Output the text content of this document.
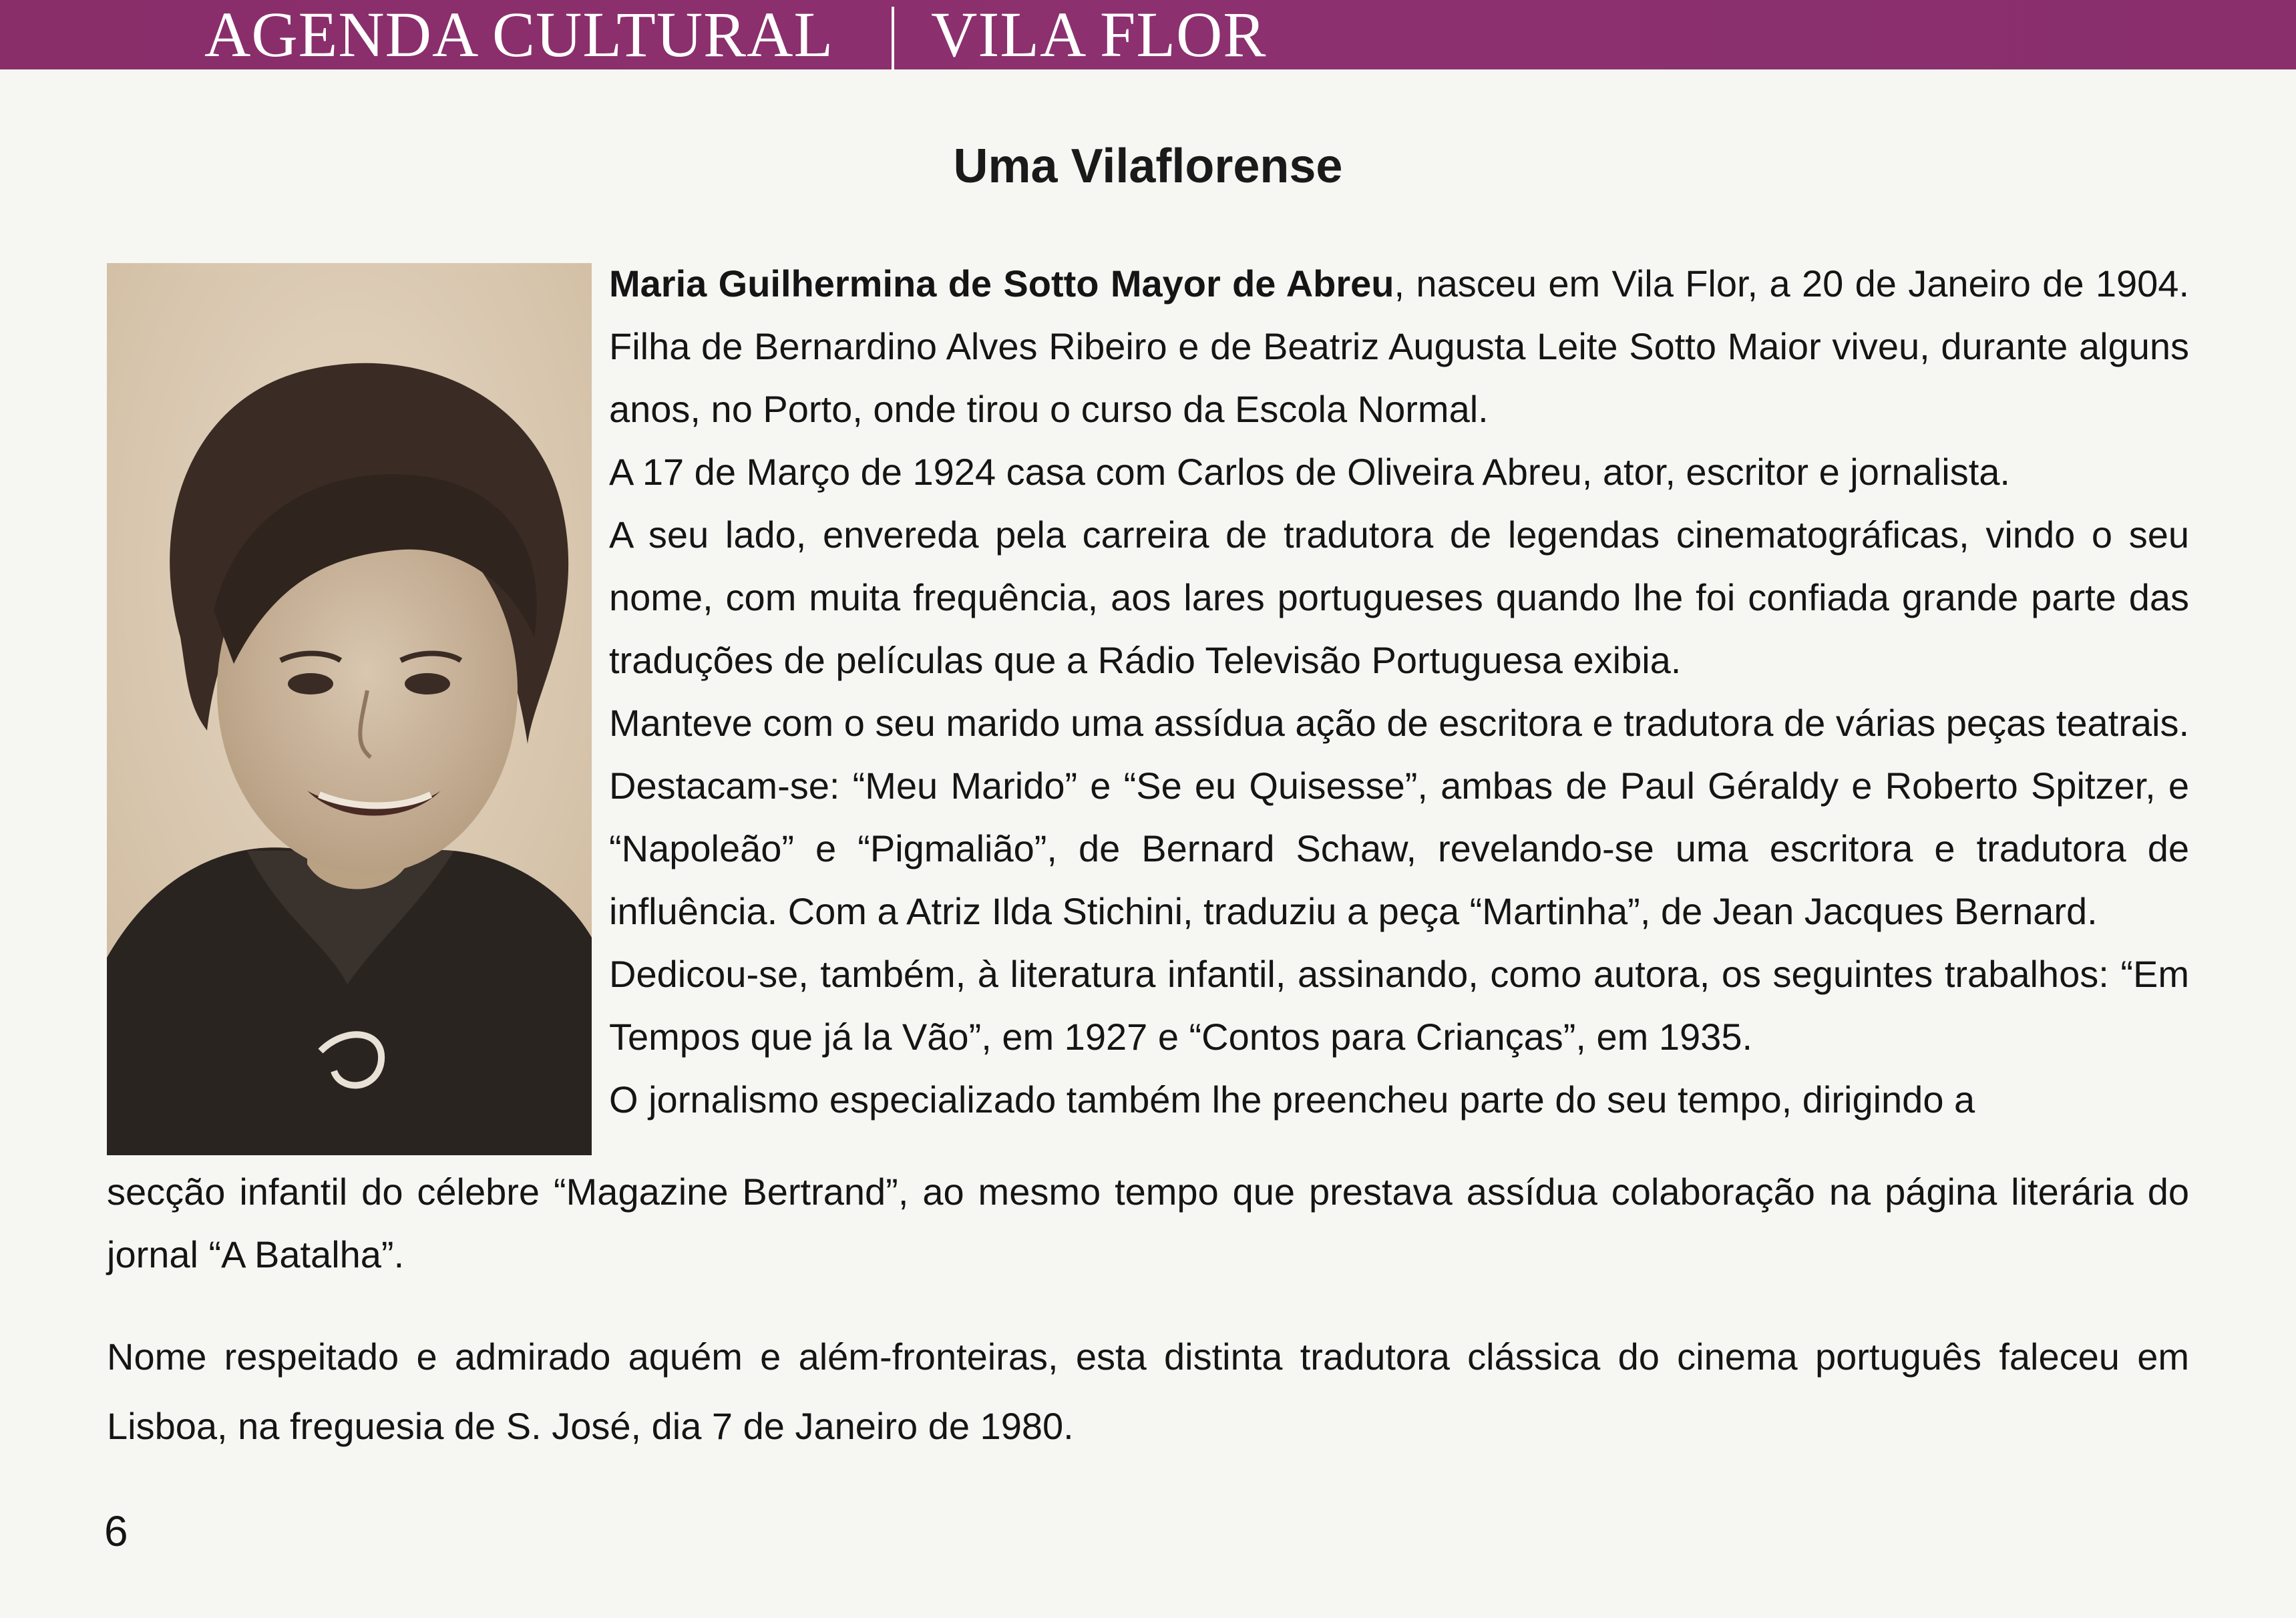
AGENDA CULTURAL VILA FLOR
Uma Vilaflorense

Maria Guilhermina de Sotto Mayor de Abreu, nasceu em Vila Flor, a 20 de Janeiro de 1904. Filha de Bernardino Alves Ribeiro e de Beatriz Augusta Leite Sotto Maior viveu, durante alguns anos, no Porto, onde tirou o curso da Escola Normal.

A 17 de Março de 1924 casa com Carlos de Oliveira Abreu, ator, escritor e jornalista.

A seu lado, envereda pela carreira de tradutora de legendas cinematográficas, vindo o seu nome, com muita frequência, aos lares portugueses quando lhe foi confiada grande parte das traduções de películas que a Rádio Televisão Portuguesa exibia.

Manteve com o seu marido uma assídua ação de escritora e tradutora de várias peças teatrais. Destacam-se: “Meu Marido” e “Se eu Quisesse”, ambas de Paul Géraldy e Roberto Spitzer, e “Napoleão” e “Pigmalião”, de Bernard Schaw, revelando-se uma escritora e tradutora de influência. Com a Atriz Ilda Stichini, traduziu a peça “Martinha”, de Jean Jacques Bernard.

Dedicou-se, também, à literatura infantil, assinando, como autora, os seguintes trabalhos: “Em Tempos que já la Vão”, em 1927 e “Contos para Crianças”, em 1935.

O jornalismo especializado também lhe preencheu parte do seu tempo, dirigindo a

secção infantil do célebre “Magazine Bertrand”, ao mesmo tempo que prestava assídua colaboração na página literária do jornal “A Batalha”.

Nome respeitado e admirado aquém e além-fronteiras, esta distinta tradutora clássica do cinema português faleceu em Lisboa, na freguesia de S. José, dia 7 de Janeiro de 1980.

6
